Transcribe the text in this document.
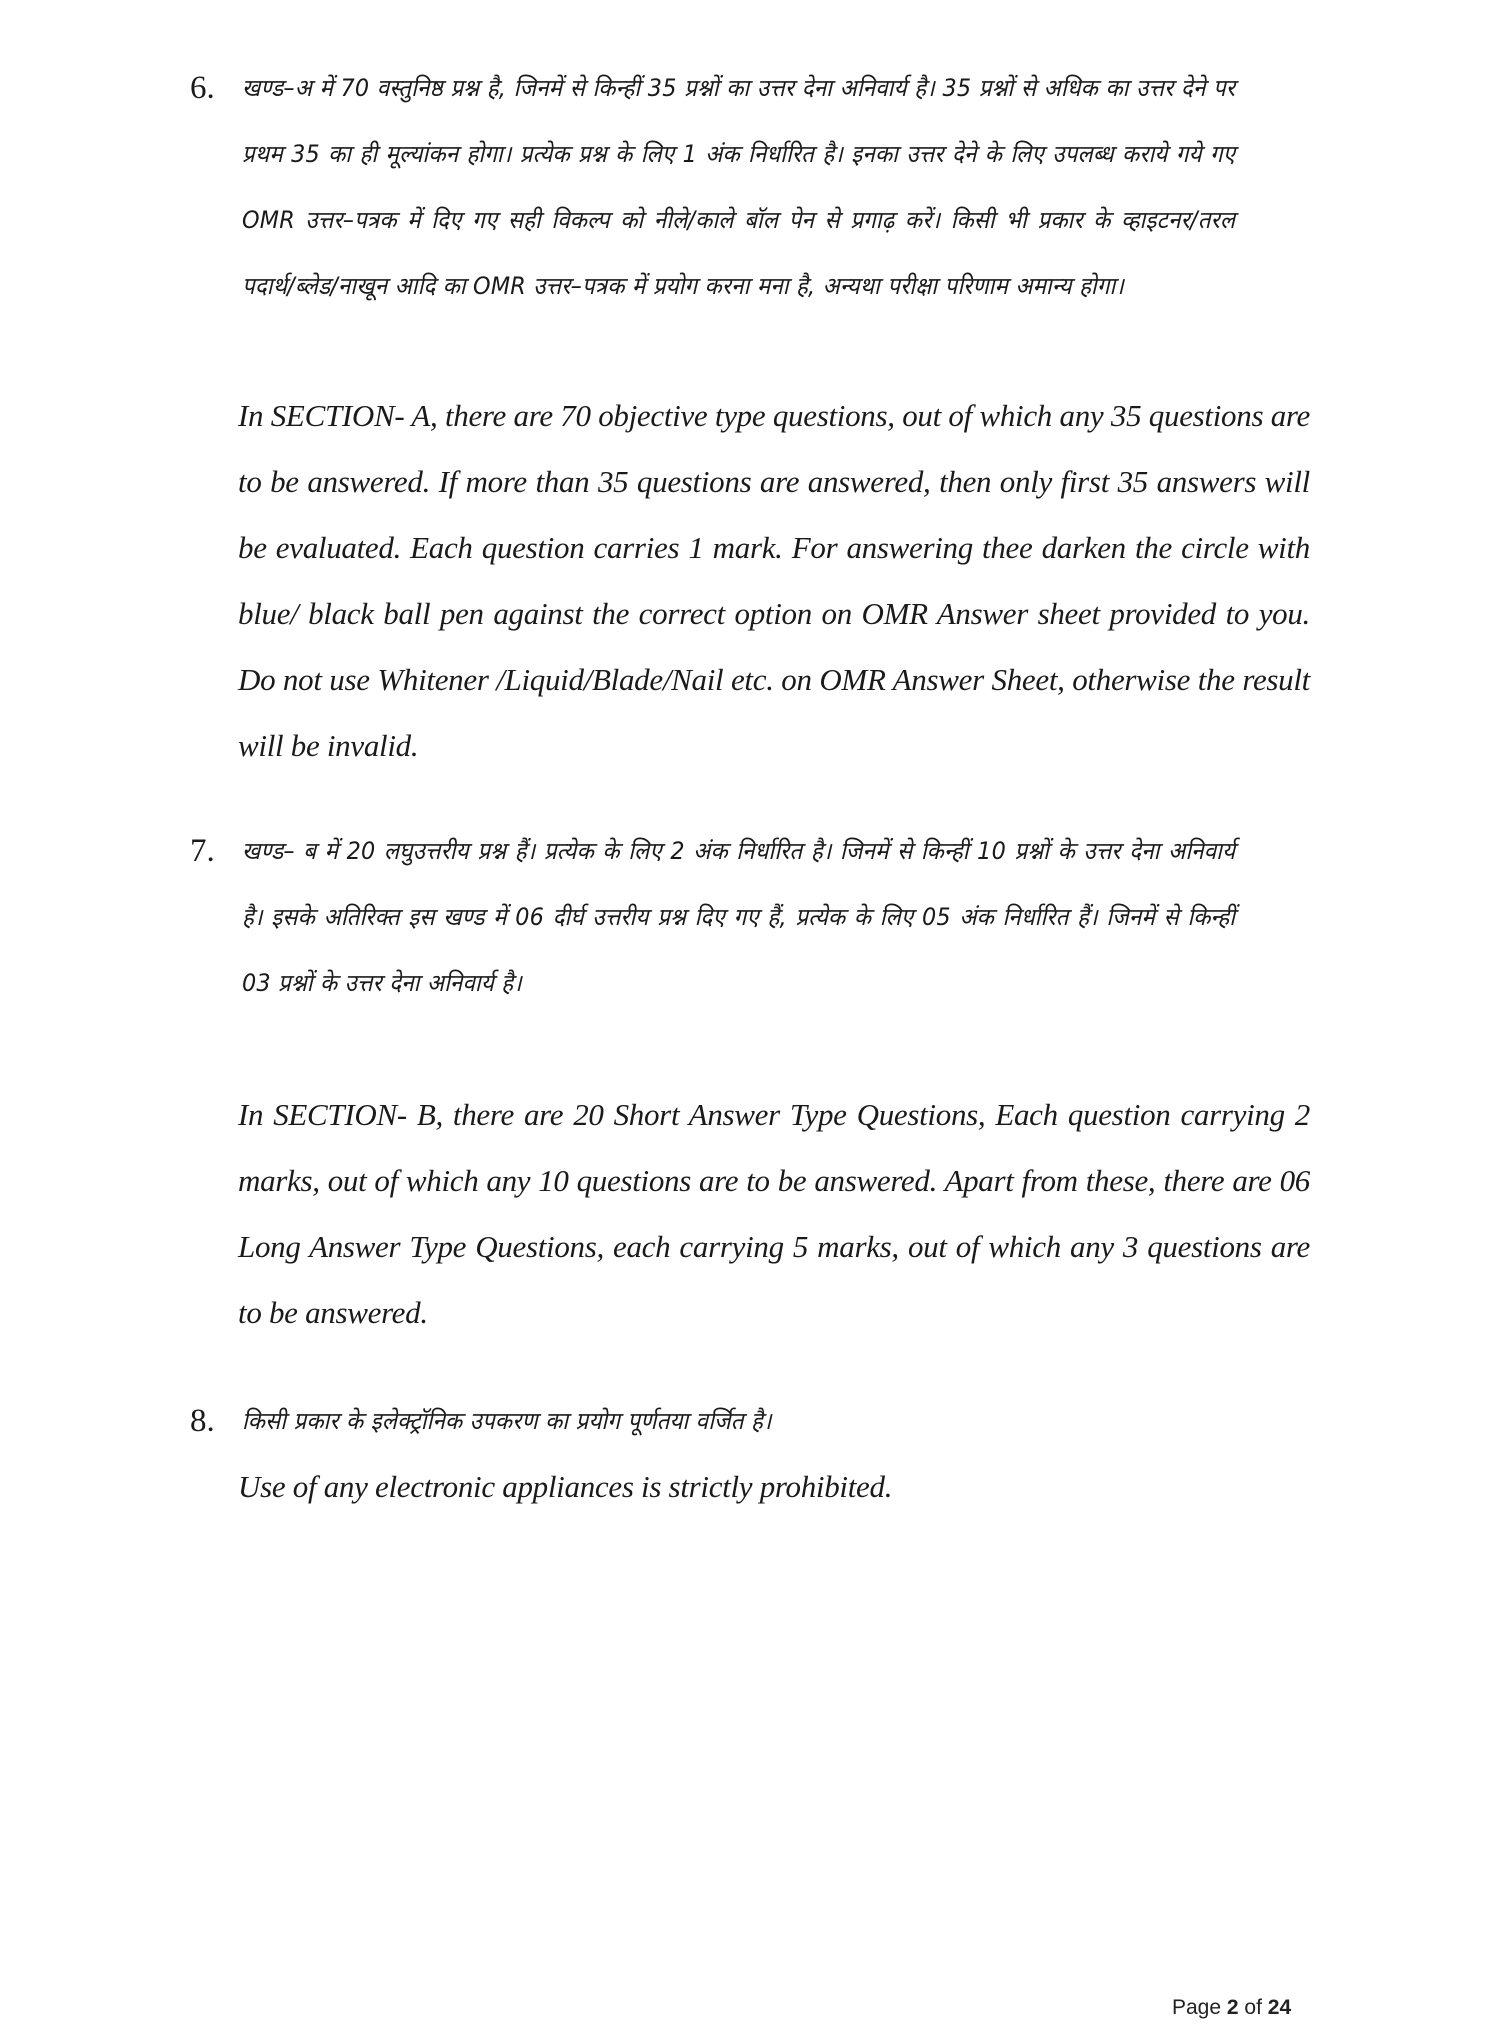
6. खण्ड–अ में 70 वस्तुनिष्ठ प्रश्न है, जिनमें से किन्हीं 35 प्रश्नों का उत्तर देना अनिवार्य है। 35 प्रश्नों से अधिक का उत्तर देने पर प्रथम 35 का ही मूल्यांकन होगा। प्रत्येक प्रश्न के लिए 1 अंक निर्धारित है। इनका उत्तर देने के लिए उपलब्ध कराये गये गए OMR उत्तर–पत्रक में दिए गए सही विकल्प को नीले/काले बॉल पेन से प्रगाढ़ करें। किसी भी प्रकार के व्हाइटनर/तरल पदार्थ/ब्लेड/नाखून आदि का OMR उत्तर–पत्रक में प्रयोग करना मना है, अन्यथा परीक्षा परिणाम अमान्य होगा।
In SECTION- A, there are 70 objective type questions, out of which any 35 questions are to be answered. If more than 35 questions are answered, then only first 35 answers will be evaluated. Each question carries 1 mark. For answering thee darken the circle with blue/ black ball pen against the correct option on OMR Answer sheet provided to you. Do not use Whitener /Liquid/Blade/Nail etc. on OMR Answer Sheet, otherwise the result will be invalid.
7. खण्ड– ब में 20 लघुउत्तरीय प्रश्न हैं। प्रत्येक के लिए 2 अंक निर्धारित है। जिनमें से किन्हीं 10 प्रश्नों के उत्तर देना अनिवार्य है। इसके अतिरिक्त इस खण्ड में 06 दीर्घ उत्तरीय प्रश्न दिए गए हैं, प्रत्येक के लिए 05 अंक निर्धारित हैं। जिनमें से किन्हीं 03 प्रश्नों के उत्तर देना अनिवार्य है।
In SECTION- B, there are 20 Short Answer Type Questions, Each question carrying 2 marks, out of which any 10 questions are to be answered. Apart from these, there are 06 Long Answer Type Questions, each carrying 5 marks, out of which any 3 questions are to be answered.
8. किसी प्रकार के इलेक्ट्रॉनिक उपकरण का प्रयोग पूर्णतया वर्जित है।
Use of any electronic appliances is strictly prohibited.
Page 2 of 24
